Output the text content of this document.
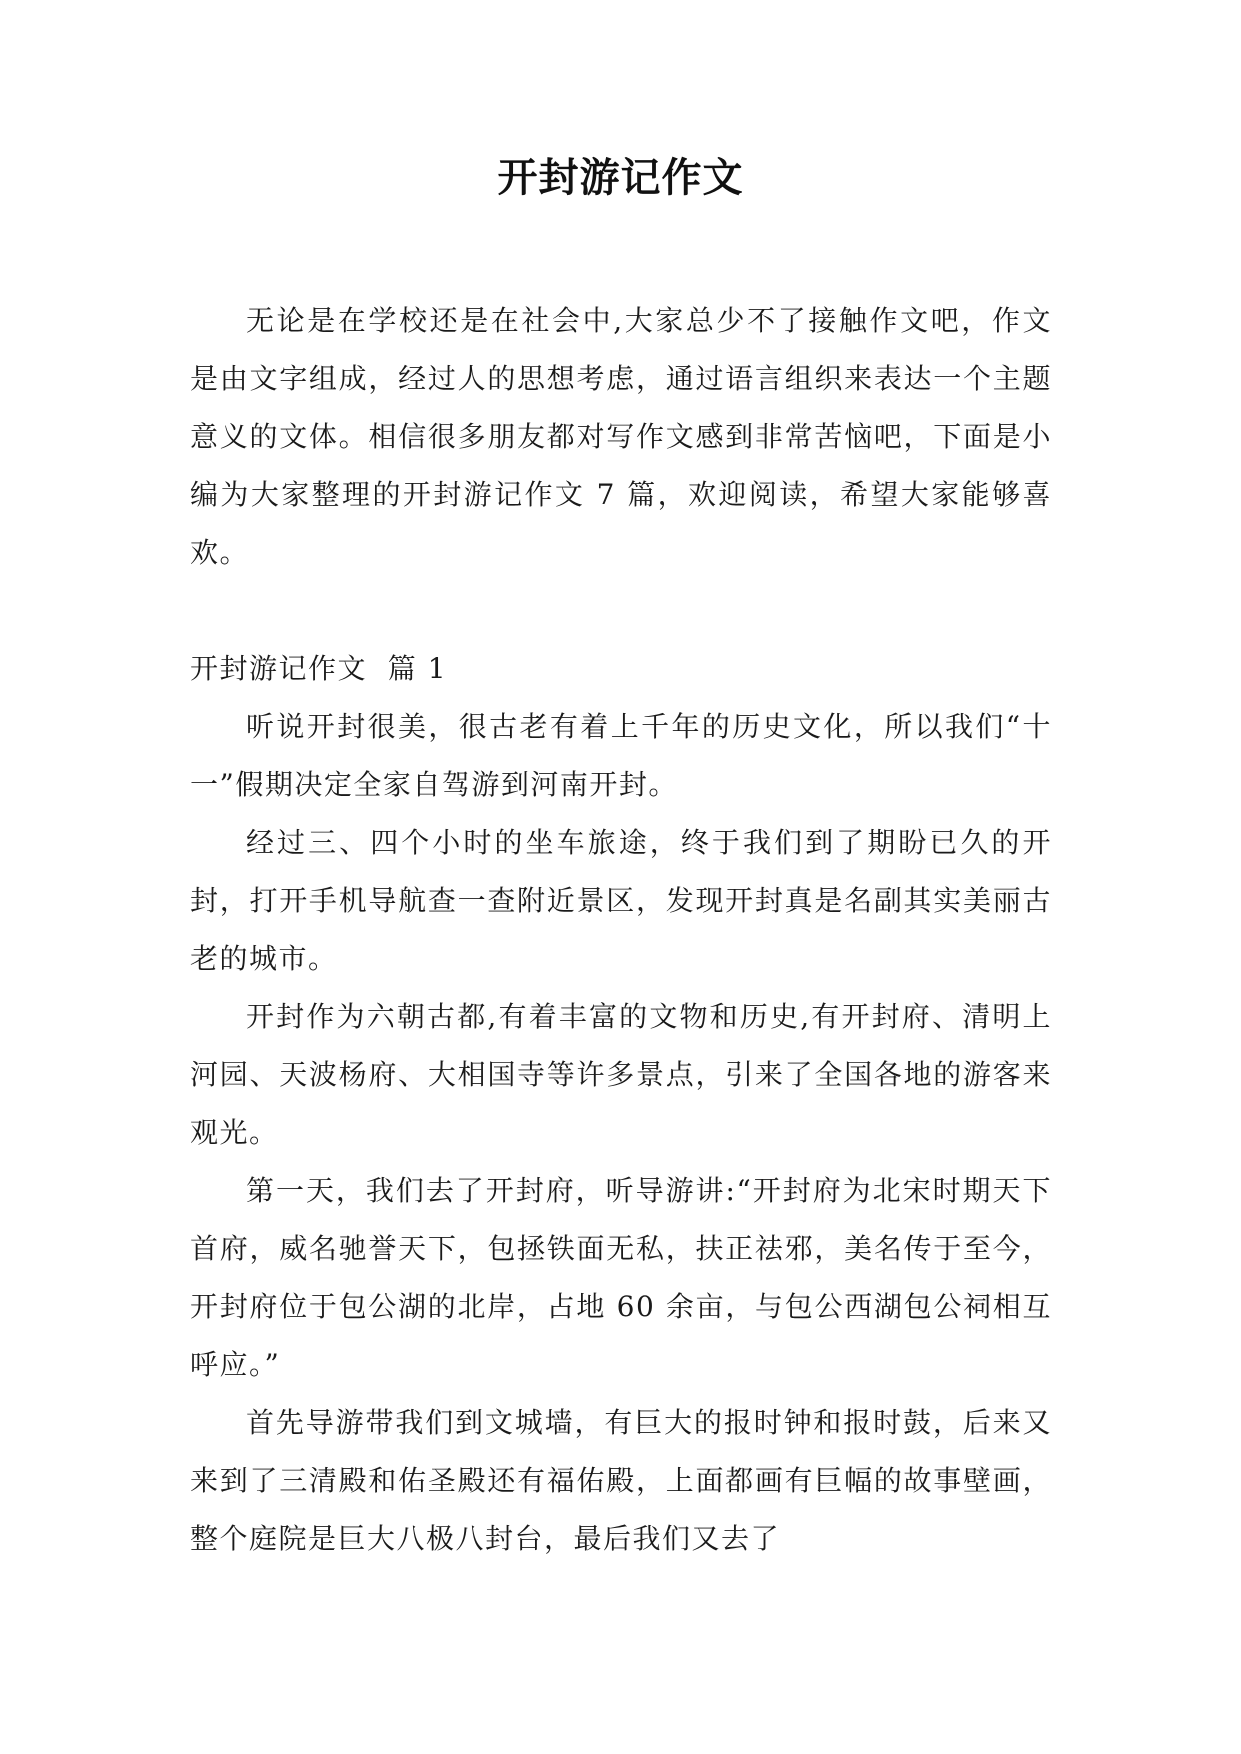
开封游记作文

无论是在学校还是在社会中,大家总少不了接触作文吧，作文是由文字组成，经过人的思想考虑，通过语言组织来表达一个主题意义的文体。相信很多朋友都对写作文感到非常苦恼吧，下面是小编为大家整理的开封游记作文 7 篇，欢迎阅读，希望大家能够喜欢。

开封游记作文  篇 1

听说开封很美，很古老有着上千年的历史文化，所以我们“十一”假期决定全家自驾游到河南开封。

经过三、四个小时的坐车旅途，终于我们到了期盼已久的开封，打开手机导航查一查附近景区，发现开封真是名副其实美丽古老的城市。

开封作为六朝古都,有着丰富的文物和历史,有开封府、清明上河园、天波杨府、大相国寺等许多景点，引来了全国各地的游客来观光。

第一天，我们去了开封府，听导游讲:“开封府为北宋时期天下首府，威名驰誉天下，包拯铁面无私，扶正祛邪，美名传于至今，开封府位于包公湖的北岸，占地 60 余亩，与包公西湖包公祠相互呼应。”

首先导游带我们到文城墙，有巨大的报时钟和报时鼓，后来又来到了三清殿和佑圣殿还有福佑殿，上面都画有巨幅的故事壁画，整个庭院是巨大八极八封台，最后我们又去了
